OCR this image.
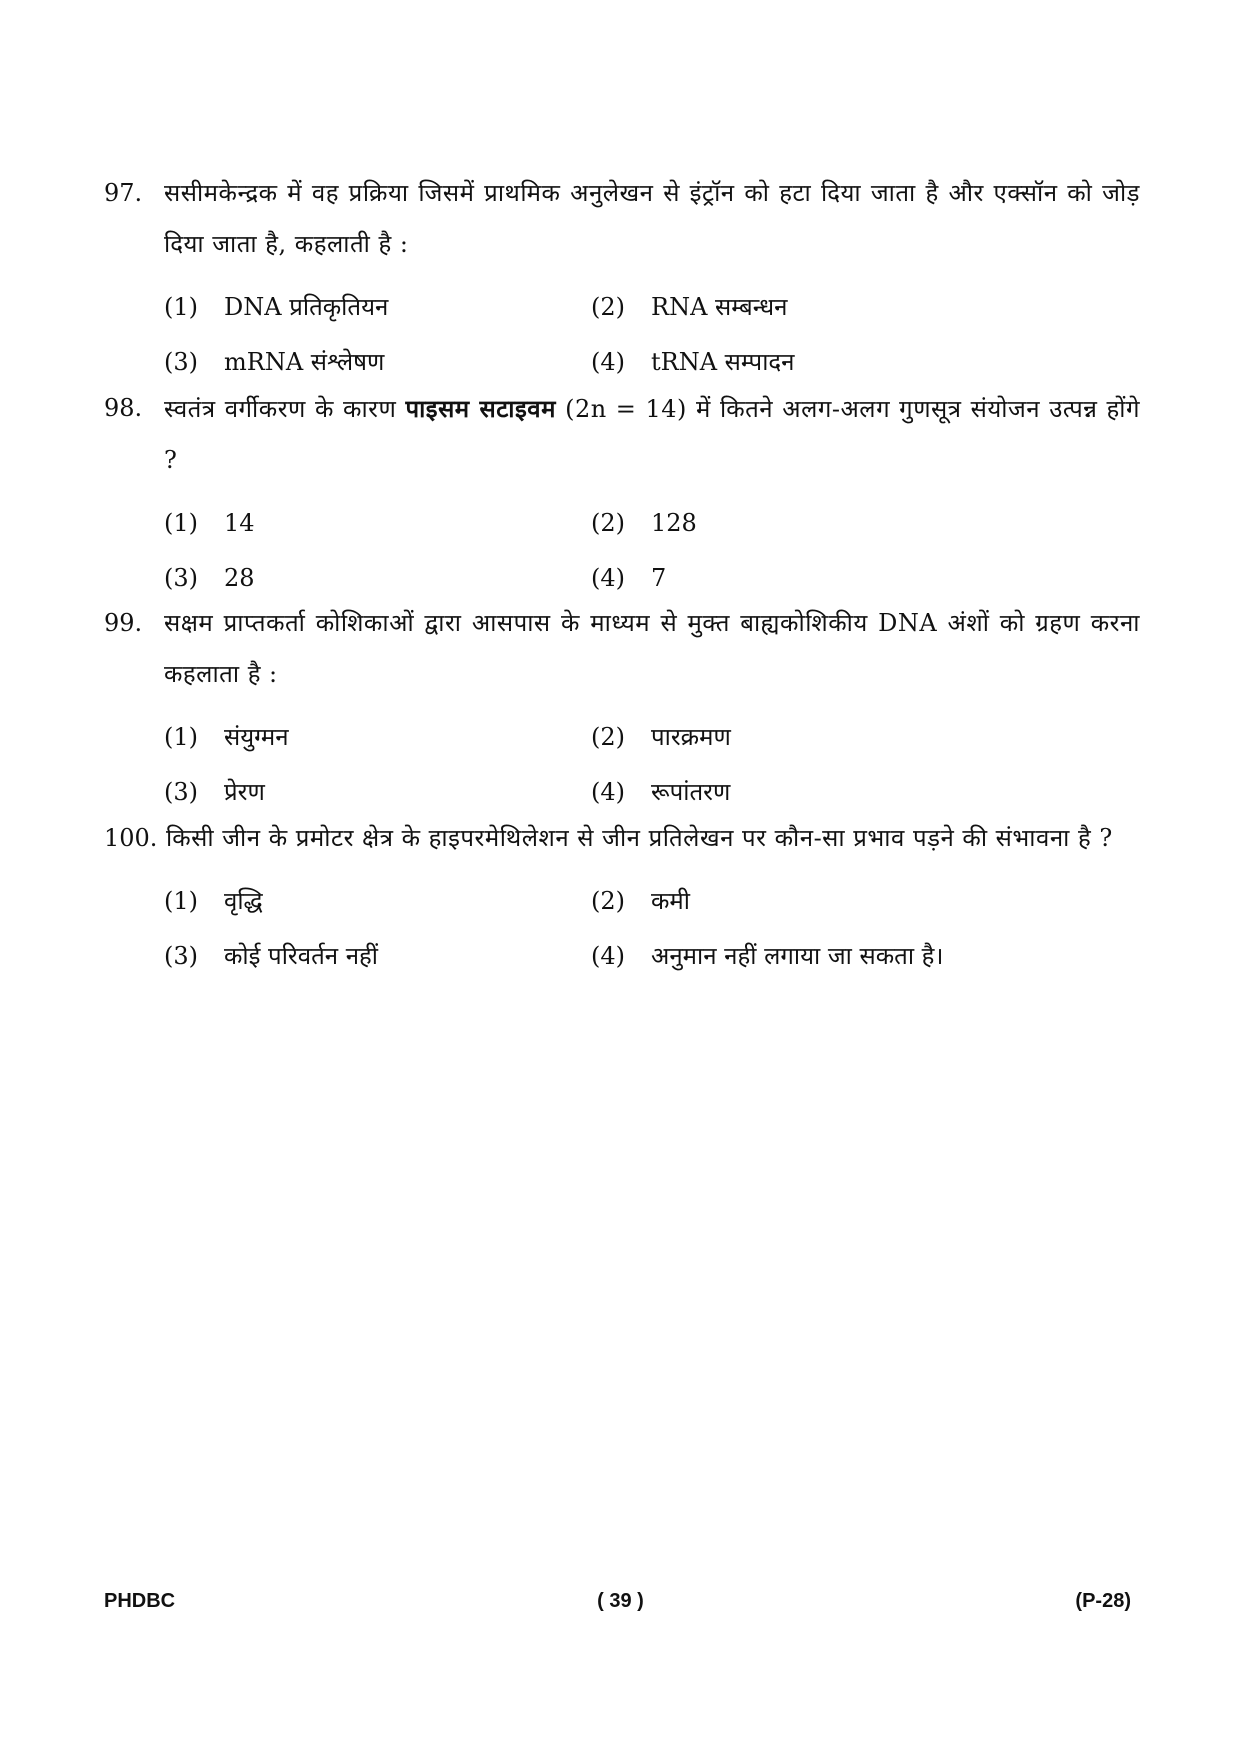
97. ससीमकेन्द्रक में वह प्रक्रिया जिसमें प्राथमिक अनुलेखन से इंट्रॉन को हटा दिया जाता है और एक्सॉन को जोड़ दिया जाता है, कहलाती है :
(1) DNA प्रतिकृतियन	(2) RNA सम्बन्धन
(3) mRNA संश्लेषण	(4) tRNA सम्पादन
98. स्वतंत्र वर्गीकरण के कारण पाइसम सटाइवम (2n = 14) में कितने अलग-अलग गुणसूत्र संयोजन उत्पन्न होंगे ?
(1) 14	(2) 128
(3) 28	(4) 7
99. सक्षम प्राप्तकर्ता कोशिकाओं द्वारा आसपास के माध्यम से मुक्त बाह्यकोशिकीय DNA अंशों को ग्रहण करना कहलाता है :
(1) संयुग्मन	(2) पारक्रमण
(3) प्रेरण	(4) रूपांतरण
100. किसी जीन के प्रमोटर क्षेत्र के हाइपरमेथिलेशन से जीन प्रतिलेखन पर कौन-सा प्रभाव पड़ने की संभावना है ?
(1) वृद्धि	(2) कमी
(3) कोई परिवर्तन नहीं	(4) अनुमान नहीं लगाया जा सकता है।
PHDBC	( 39 )	(P-28)
